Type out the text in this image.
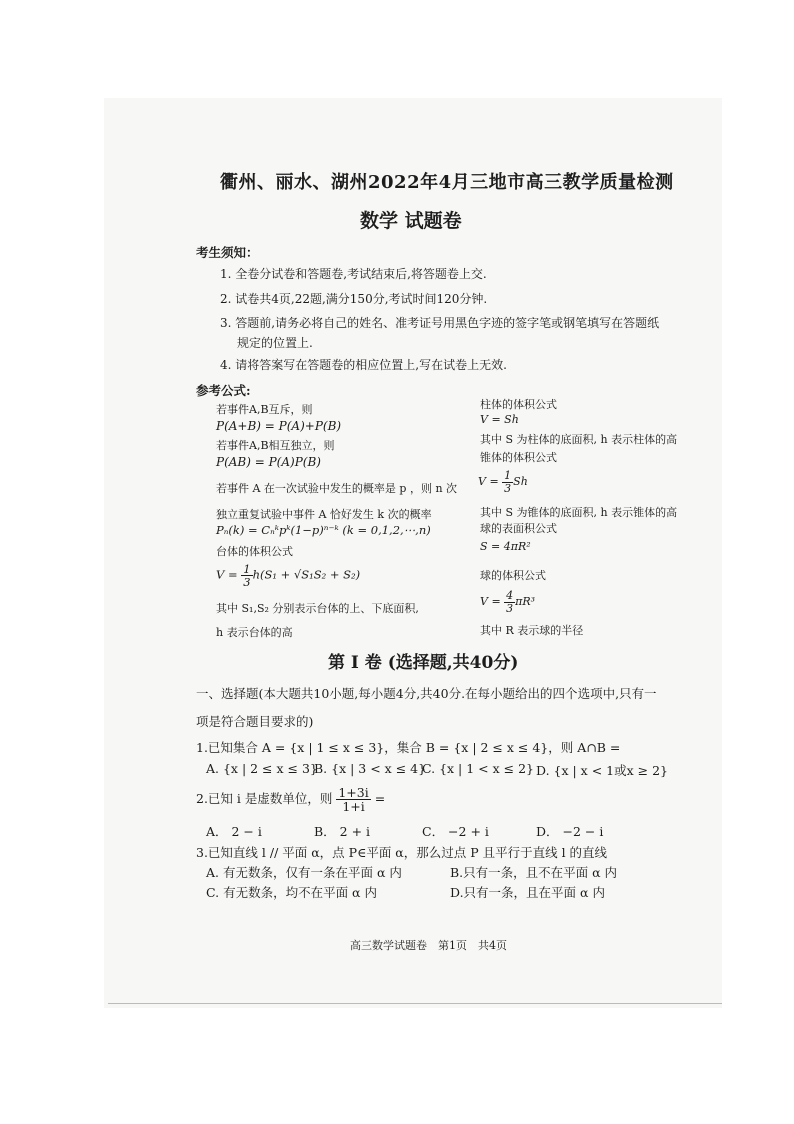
衢州、丽水、湖州2022年4月三地市高三教学质量检测
数学 试题卷
考生须知：
1. 全卷分试卷和答题卷,考试结束后,将答题卷上交.
2. 试卷共4页,22题,满分150分,考试时间120分钟.
3. 答题前,请务必将自己的姓名、准考证号用黑色字迹的签字笔或钢笔填写在答题纸
规定的位置上.
4. 请将答案写在答题卷的相应位置上,写在试卷上无效.
参考公式:
若事件A,B互斥，则
P(A+B) = P(A)+P(B)
若事件A,B相互独立，则
P(AB) = P(A)P(B)
若事件 A 在一次试验中发生的概率是 p ，则 n 次
独立重复试验中事件 A 恰好发生 k 次的概率
Pₙ(k) = Cₙᵏpᵏ(1−p)ⁿ⁻ᵏ (k = 0,1,2,⋯,n)
台体的体积公式
$V = \frac{1}{3} h(S_1 + √S_1S_2 + S_2)$
其中 S₁,S₂ 分别表示台体的上、下底面积,
h 表示台体的高
柱体的体积公式
V = Sh
其中 S 为柱体的底面积, h 表示柱体的高
锥体的体积公式
$V = \frac{1}{3}$ Sh
其中 S 为锥体的底面积, h 表示锥体的高
球的表面积公式
S = 4πR²
球的体积公式
$V = \frac{4}{3} \pi R^3$
其中 R 表示球的半径
第 Ⅰ 卷 (选择题,共40分)
一、选择题(本大题共10小题,每小题4分,共40分.在每小题给出的四个选项中,只有一
项是符合题目要求的)
1.已知集合 A = {x | 1 ≤ x ≤ 3}，集合 B = {x | 2 ≤ x ≤ 4}，则 A∩B =
A. {x | 2 ≤ x ≤ 3}
B. {x | 3 < x ≤ 4}
C. {x | 1 < x ≤ 2} D. {x | x < 1或x ≥ 2}
2.已知 i 是虚数单位，则 $\frac{1+3i}{1+i}$ =
A． 2 − i	B． 2 + i	C． −2 + i	D． −2 − i
3.已知直线 l // 平面 α，点 P∈平面 α，那么过点 P 且平行于直线 l 的直线
A. 有无数条，仅有一条在平面 α 内	B.只有一条，且不在平面 α 内
C. 有无数条，均不在平面 α 内	D.只有一条，且在平面 α 内
高三数学试题卷　第1页　共4页
